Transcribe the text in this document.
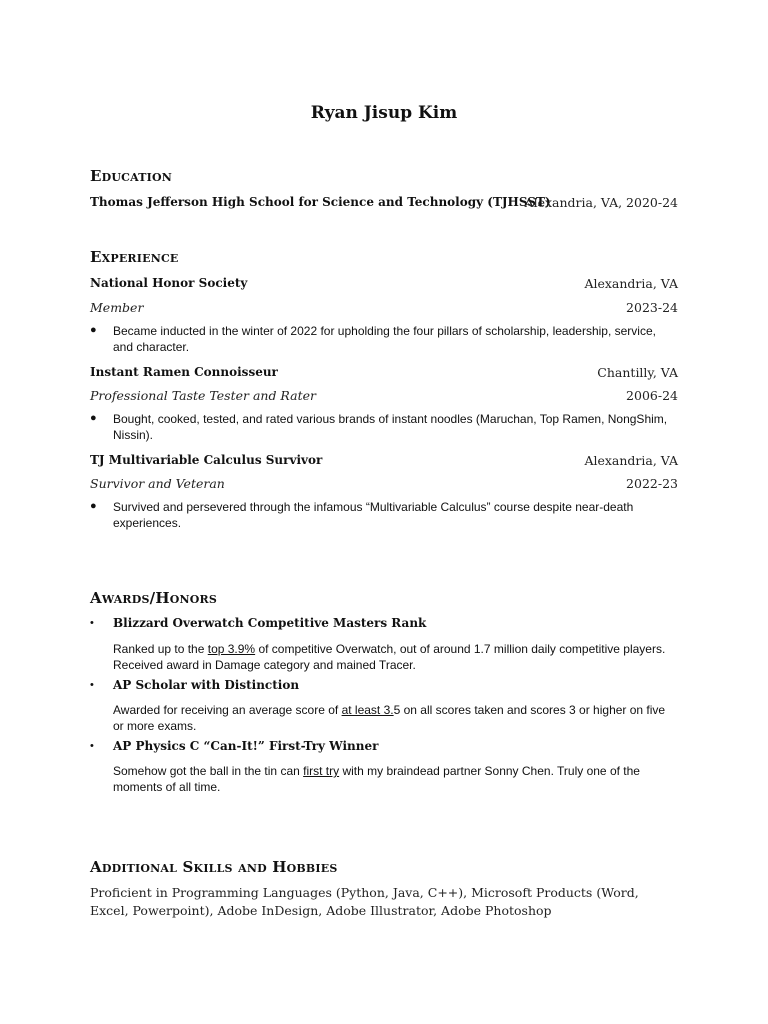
Ryan Jisup Kim
Education
Thomas Jefferson High School for Science and Technology (TJHSST)
Alexandria, VA, 2020-24
Experience
National Honor Society	Alexandria, VA
Member	2023-24
● Became inducted in the winter of 2022 for upholding the four pillars of scholarship, leadership, service, and character.
Instant Ramen Connoisseur	Chantilly, VA
Professional Taste Tester and Rater	2006-24
● Bought, cooked, tested, and rated various brands of instant noodles (Maruchan, Top Ramen, NongShim, Nissin).
TJ Multivariable Calculus Survivor	Alexandria, VA
Survivor and Veteran	2022-23
● Survived and persevered through the infamous “Multivariable Calculus” course despite near-death experiences.
Awards/Honors
• Blizzard Overwatch Competitive Masters Rank
Ranked up to the top 3.9% of competitive Overwatch, out of around 1.7 million daily competitive players. Received award in Damage category and mained Tracer.
• AP Scholar with Distinction
Awarded for receiving an average score of at least 3.5 on all scores taken and scores 3 or higher on five or more exams.
• AP Physics C “Can-It!” First-Try Winner
Somehow got the ball in the tin can first try with my braindead partner Sonny Chen. Truly one of the moments of all time.
Additional Skills and Hobbies
Proficient in Programming Languages (Python, Java, C++), Microsoft Products (Word, Excel, Powerpoint), Adobe InDesign, Adobe Illustrator, Adobe Photoshop
